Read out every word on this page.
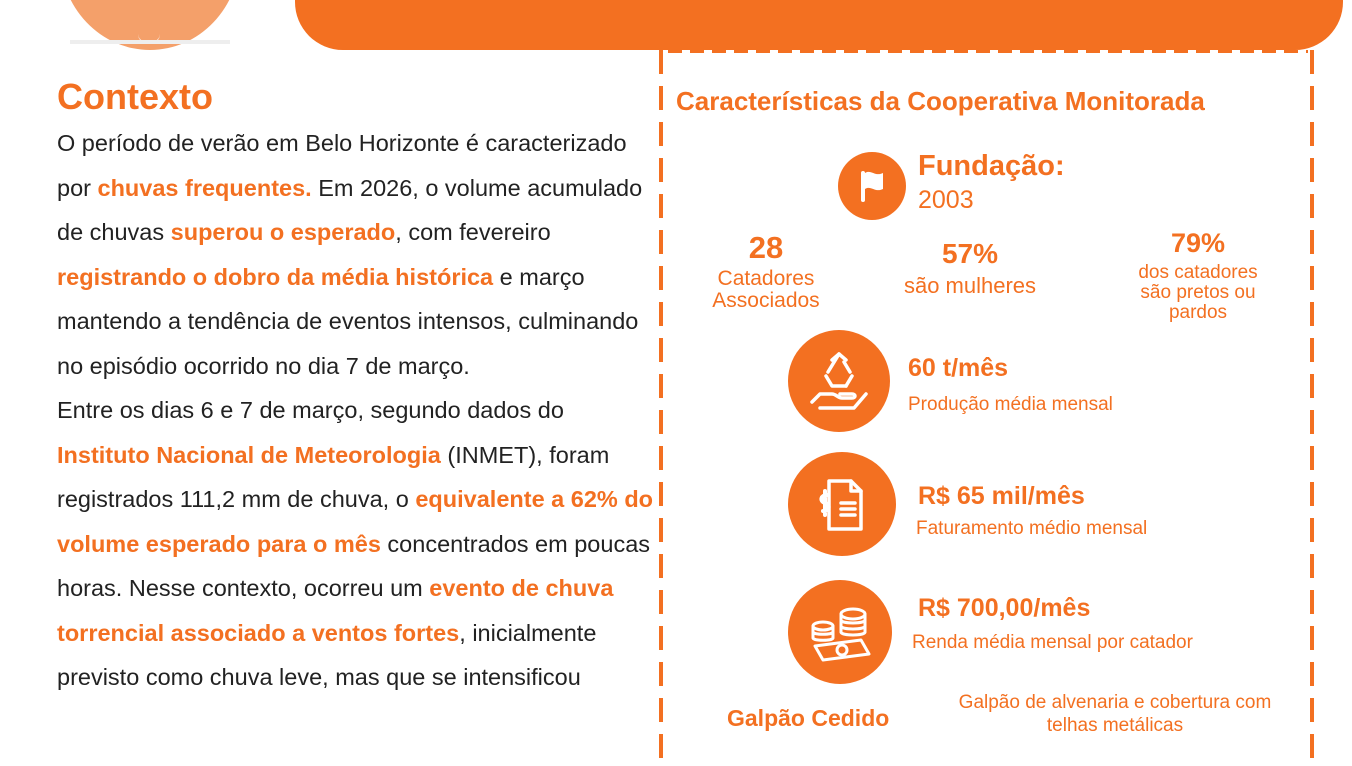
Contexto
O período de verão em Belo Horizonte é caracterizado por chuvas frequentes. Em 2026, o volume acumulado de chuvas superou o esperado, com fevereiro registrando o dobro da média histórica e março mantendo a tendência de eventos intensos, culminando no episódio ocorrido no dia 7 de março.
Entre os dias 6 e 7 de março, segundo dados do Instituto Nacional de Meteorologia (INMET), foram registrados 111,2 mm de chuva, o equivalente a 62% do volume esperado para o mês concentrados em poucas horas. Nesse contexto, ocorreu um evento de chuva torrencial associado a ventos fortes, inicialmente previsto como chuva leve, mas que se intensificou
Características da Cooperativa Monitorada
Fundação:
2003
28
Catadores Associados
57%
são mulheres
79%
dos catadores são pretos ou pardos
60 t/mês
Produção média mensal
R$ 65 mil/mês
Faturamento médio mensal
R$ 700,00/mês
Renda média mensal por catador
Galpão Cedido
Galpão de alvenaria e cobertura com telhas metálicas
